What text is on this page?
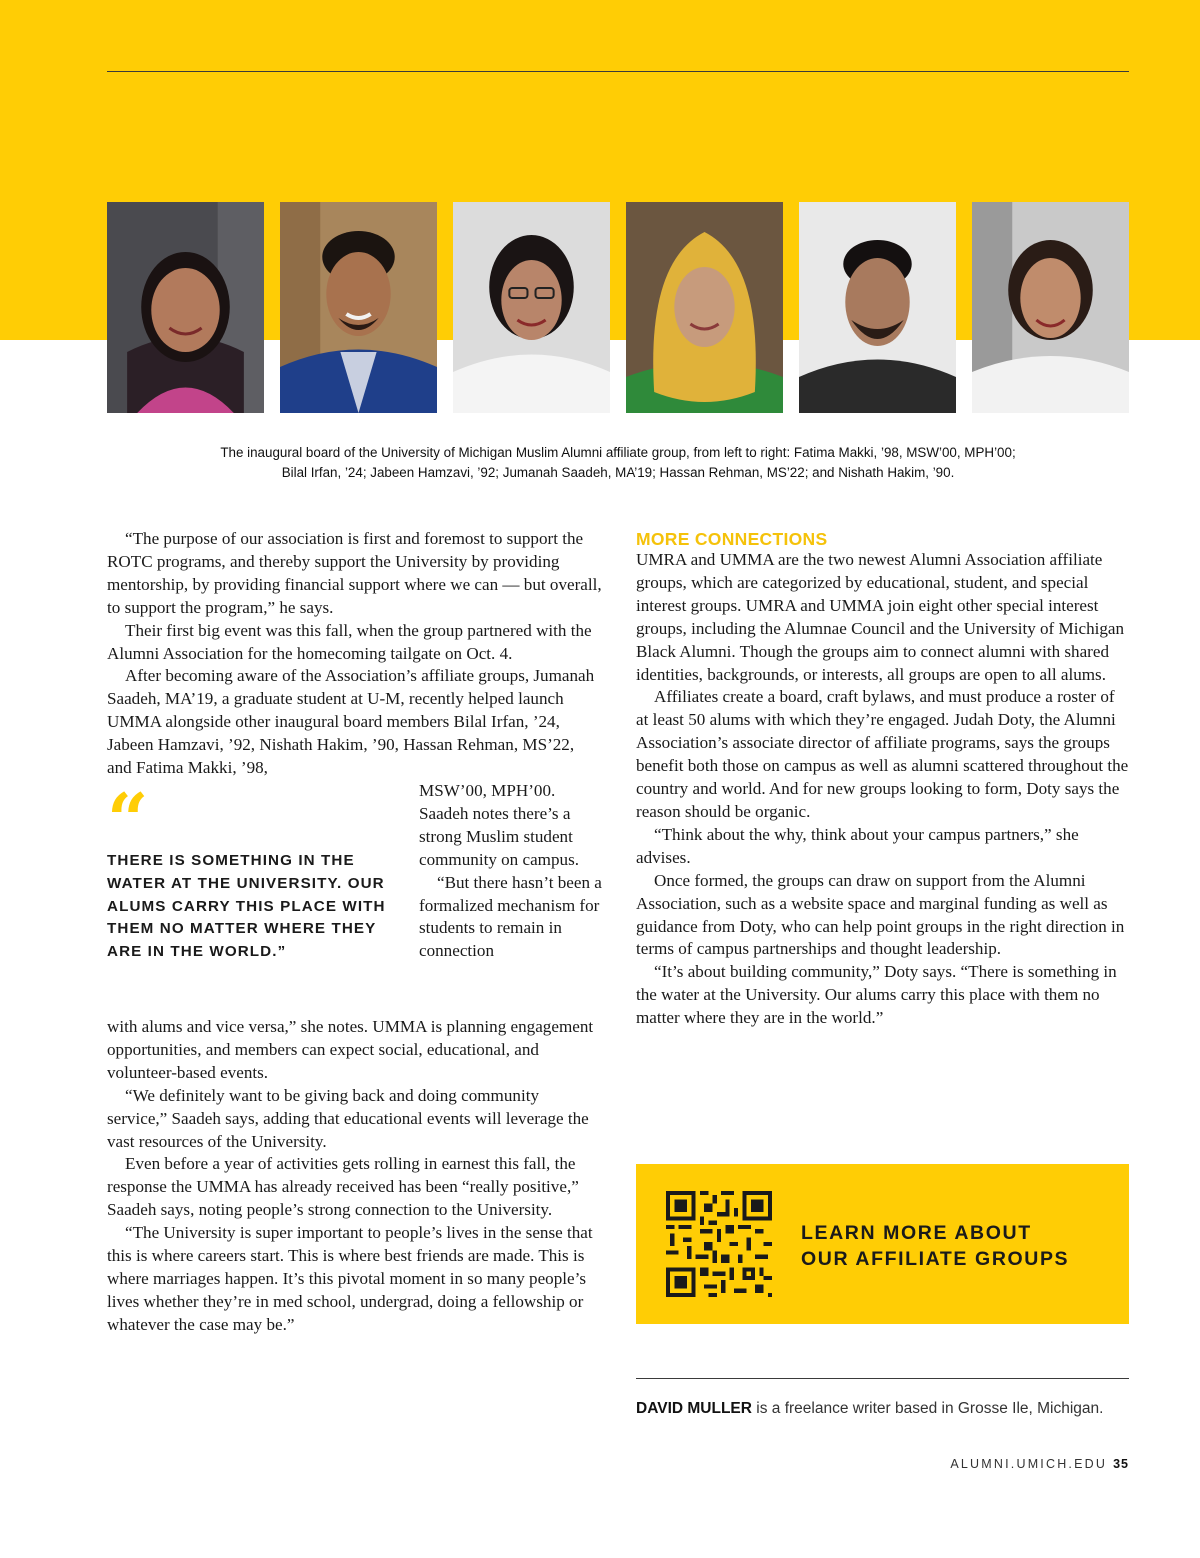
The inaugural board of the University of Michigan Muslim Alumni affiliate group, from left to right: Fatima Makki, ’98, MSW’00, MPH’00;
Bilal Irfan, ’24; Jabeen Hamzavi, ’92; Jumanah Saadeh, MA’19; Hassan Rehman, MS’22; and Nishath Hakim, ’90.

“The purpose of our association is first and foremost to support the ROTC programs, and thereby support the University by providing mentorship, by providing financial support where we can — but overall, to support the program,” he says.

Their first big event was this fall, when the group partnered with the Alumni Association for the homecoming tailgate on Oct. 4.

After becoming aware of the Association’s affiliate groups, Jumanah Saadeh, MA’19, a graduate student at U-M, recently helped launch UMMA alongside other inaugural board members Bilal Irfan, ’24, Jabeen Hamzavi, ’92, Nishath Hakim, ’90, Hassan Rehman, MS’22, and Fatima Makki, ’98,

“
THERE IS SOMETHING IN THE WATER AT THE UNIVERSITY. OUR ALUMS CARRY THIS PLACE WITH THEM NO MATTER WHERE THEY ARE IN THE WORLD.”

MSW’00, MPH’00. Saadeh notes there’s a strong Muslim student community on campus.

“But there hasn’t been a formalized mechanism for students to remain in connection

with alums and vice versa,” she notes. UMMA is planning engagement opportunities, and members can expect social, educational, and volunteer-based events.

“We definitely want to be giving back and doing community service,” Saadeh says, adding that educational events will leverage the vast resources of the University.

Even before a year of activities gets rolling in earnest this fall, the response the UMMA has already received has been “really positive,” Saadeh says, noting people’s strong connection to the University.

“The University is super important to people’s lives in the sense that this is where careers start. This is where best friends are made. This is where marriages happen. It’s this pivotal moment in so many people’s lives whether they’re in med school, undergrad, doing a fellowship or whatever the case may be.”

MORE CONNECTIONS

UMRA and UMMA are the two newest Alumni Association affiliate groups, which are categorized by educational, student, and special interest groups. UMRA and UMMA join eight other special interest groups, including the Alumnae Council and the University of Michigan Black Alumni. Though the groups aim to connect alumni with shared identities, backgrounds, or interests, all groups are open to all alums.

Affiliates create a board, craft bylaws, and must produce a roster of at least 50 alums with which they’re engaged. Judah Doty, the Alumni Association’s associate director of affiliate programs, says the groups benefit both those on campus as well as alumni scattered throughout the country and world. And for new groups looking to form, Doty says the reason should be organic.

“Think about the why, think about your campus partners,” she advises.

Once formed, the groups can draw on support from the Alumni Association, such as a website space and marginal funding as well as guidance from Doty, who can help point groups in the right direction in terms of campus partnerships and thought leadership.

“It’s about building community,” Doty says. “There is something in the water at the University. Our alums carry this place with them no matter where they are in the world.”

LEARN MORE ABOUT
OUR AFFILIATE GROUPS
DAVID MULLER is a freelance writer based in Grosse Ile, Michigan.
ALUMNI.UMICH.EDU 35
